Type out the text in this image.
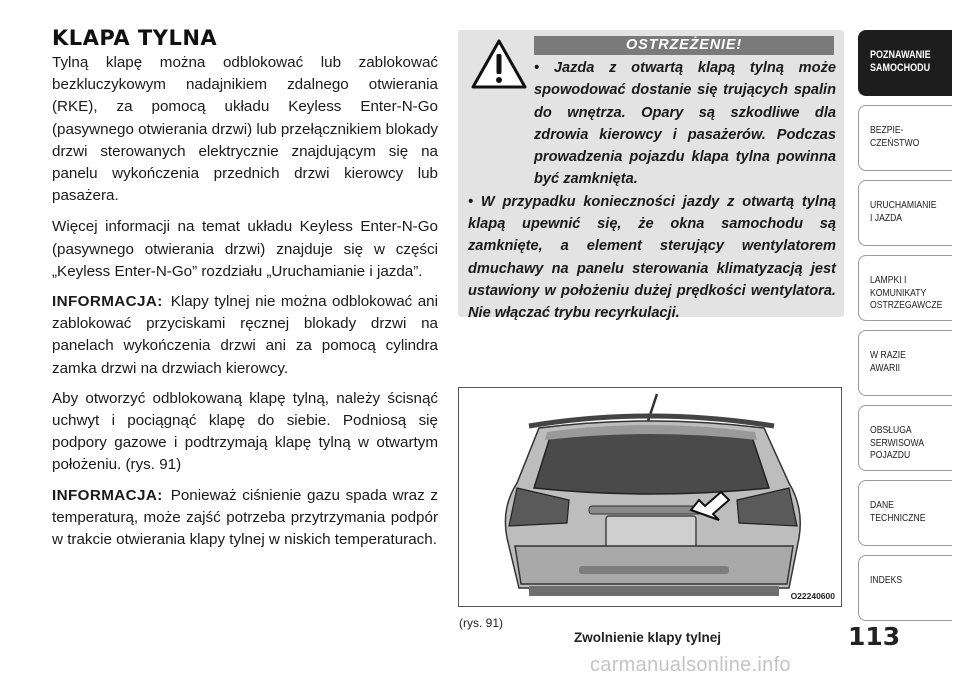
KLAPA TYLNA

Tylną klapę można odblokować lub zablokować bezkluczykowym nadajnikiem zdalnego otwierania (RKE), za pomocą układu Keyless Enter-N-Go (pasywnego otwierania drzwi) lub przełącznikiem blokady drzwi sterowanych elektrycznie znajdującym się na panelu wykończenia przednich drzwi kierowcy lub pasażera.

Więcej informacji na temat układu Keyless Enter-N-Go (pasywnego otwierania drzwi) znajduje się w części „Keyless Enter-N-Go” rozdziału „Uruchamianie i jazda”.

INFORMACJA: Klapy tylnej nie można odblokować ani zablokować przyciskami ręcznej blokady drzwi na panelach wykończenia drzwi ani za pomocą cylindra zamka drzwi na drzwiach kierowcy.

Aby otworzyć odblokowaną klapę tylną, należy ścisnąć uchwyt i pociągnąć klapę do siebie. Podniosą się podpory gazowe i podtrzymają klapę tylną w otwartym położeniu. (rys. 91)

INFORMACJA: Ponieważ ciśnienie gazu spada wraz z temperaturą, może zajść potrzeba przytrzymania podpór w trakcie otwierania klapy tylnej w niskich temperaturach.

OSTRZEŻENIE!

• Jazda z otwartą klapą tylną może spowodować dostanie się trujących spalin do wnętrza. Opary są szkodliwe dla zdrowia kierowcy i pasażerów. Podczas prowadzenia pojazdu klapa tylna powinna być zamknięta.

• W przypadku konieczności jazdy z otwartą tylną klapą upewnić się, że okna samochodu są zamknięte, a element sterujący wentylatorem dmuchawy na panelu sterowania klimatyzacją jest ustawiony w położeniu dużej prędkości wentylatora. Nie włączać trybu recyrkulacji.

O22240600
(rys. 91)
Zwolnienie klapy tylnej	113
carmanualsonline.info
POZNAWANIE
SAMOCHODU
BEZPIE-
CZEŃSTWO
URUCHAMIANIE
I JAZDA
LAMPKI I
KOMUNIKATY
OSTRZEGAWCZE
W RAZIE
AWARII
OBSŁUGA
SERWISOWA
POJAZDU
DANE
TECHNICZNE
INDEKS
